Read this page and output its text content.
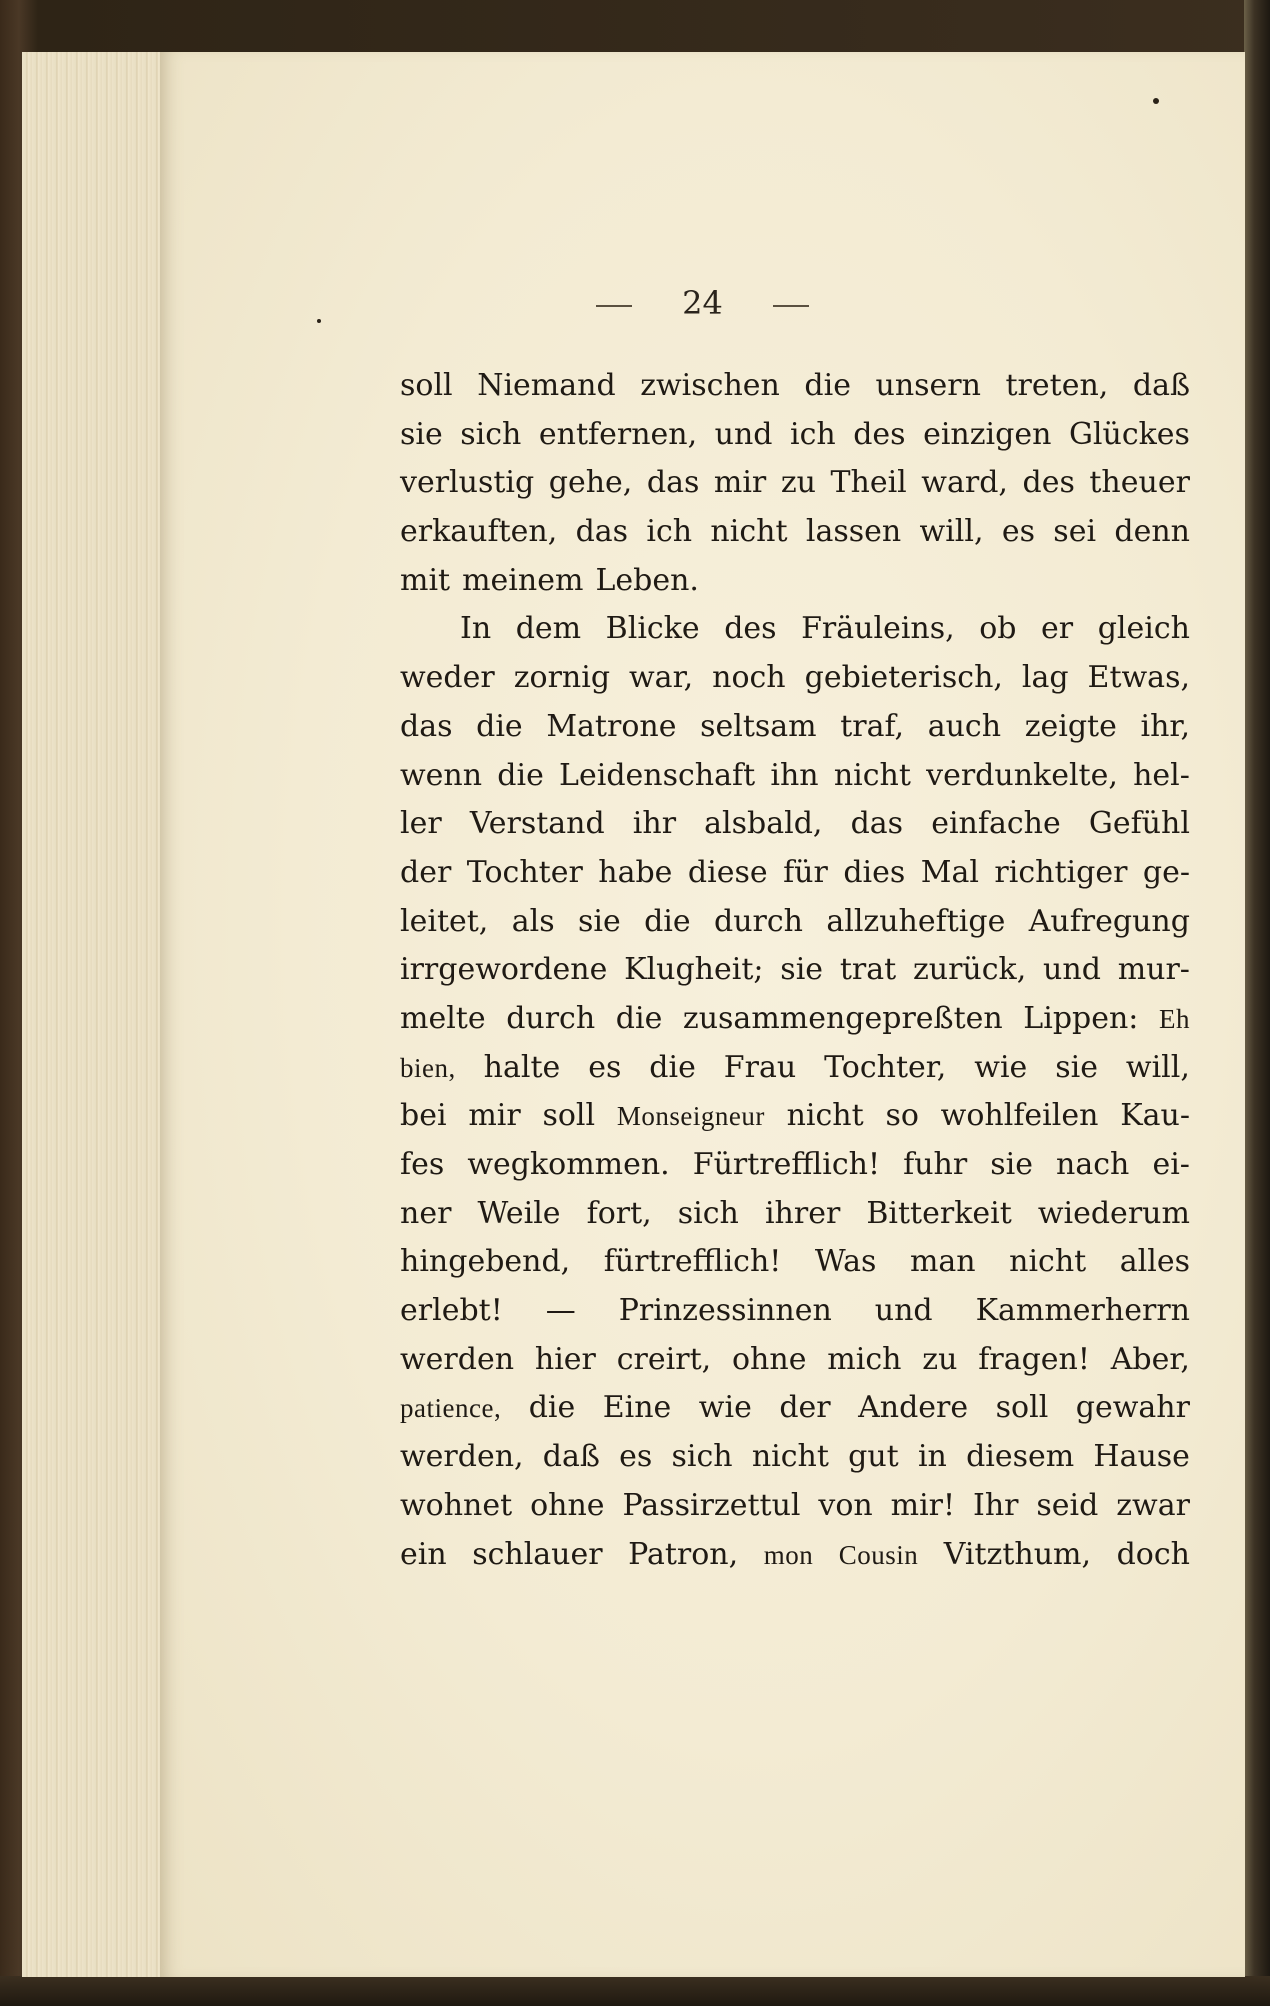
24
soll Niemand zwischen die unsern treten, daß
sie sich entfernen, und ich des einzigen Glückes
verlustig gehe, das mir zu Theil ward, des theuer
erkauften, das ich nicht lassen will, es sei denn
mit meinem Leben.
In dem Blicke des Fräuleins, ob er gleich
weder zornig war, noch gebieterisch, lag Etwas,
das die Matrone seltsam traf, auch zeigte ihr,
wenn die Leidenschaft ihn nicht verdunkelte, hel-
ler Verstand ihr alsbald, das einfache Gefühl
der Tochter habe diese für dies Mal richtiger ge-
leitet, als sie die durch allzuheftige Aufregung
irrgewordene Klugheit; sie trat zurück, und mur-
melte durch die zusammengepreßten Lippen: Eh
bien, halte es die Frau Tochter, wie sie will,
bei mir soll Monseigneur nicht so wohlfeilen Kau-
fes wegkommen. Fürtrefflich! fuhr sie nach ei-
ner Weile fort, sich ihrer Bitterkeit wiederum
hingebend, fürtrefflich! Was man nicht alles
erlebt! — Prinzessinnen und Kammerherrn
werden hier creirt, ohne mich zu fragen! Aber,
patience, die Eine wie der Andere soll gewahr
werden, daß es sich nicht gut in diesem Hause
wohnet ohne Passirzettul von mir! Ihr seid zwar
ein schlauer Patron, mon Cousin Vitzthum, doch
